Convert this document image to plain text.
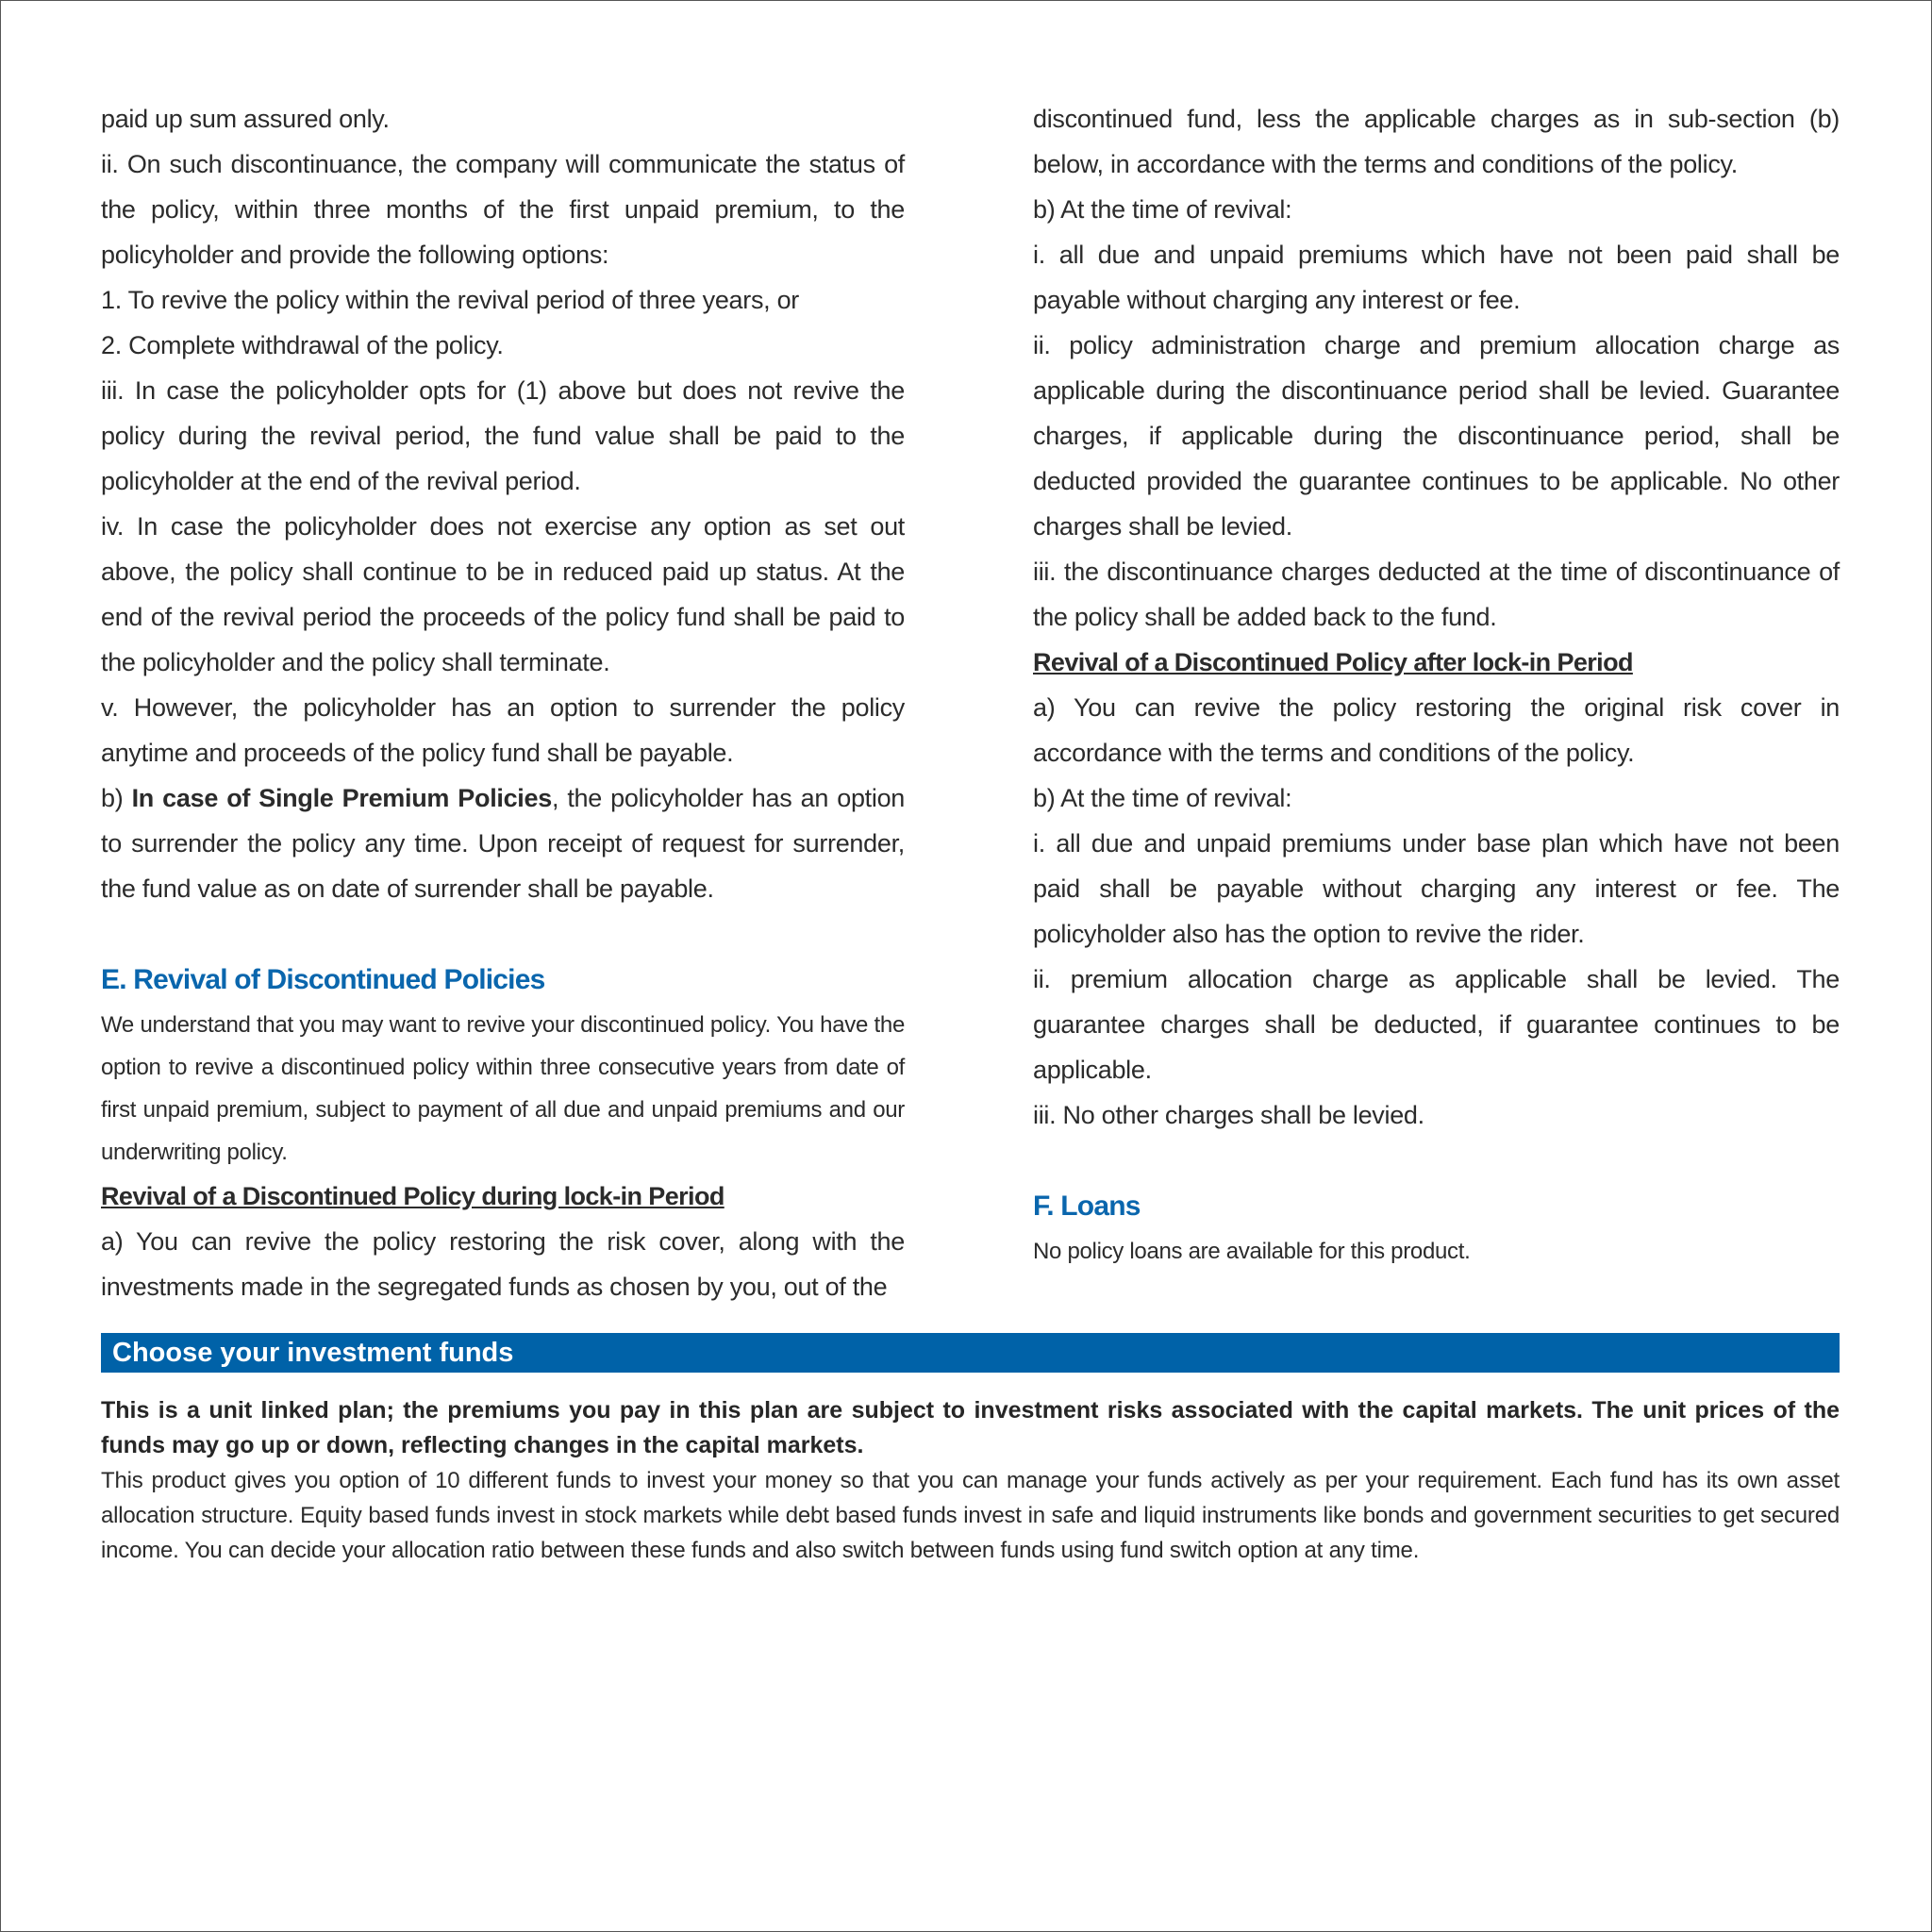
paid up sum assured only.

ii. On such discontinuance, the company will communicate the status of the policy, within three months of the first unpaid premium, to the policyholder and provide the following options:

1. To revive the policy within the revival period of three years, or

2. Complete withdrawal of the policy.

iii. In case the policyholder opts for (1) above but does not revive the policy during the revival period, the fund value shall be paid to the policyholder at the end of the revival period.

iv. In case the policyholder does not exercise any option as set out above, the policy shall continue to be in reduced paid up status. At the end of the revival period the proceeds of the policy fund shall be paid to the policyholder and the policy shall terminate.

v. However, the policyholder has an option to surrender the policy anytime and proceeds of the policy fund shall be payable.

b) In case of Single Premium Policies, the policyholder has an option to surrender the policy any time. Upon receipt of request for surrender, the fund value as on date of surrender shall be payable.

E. Revival of Discontinued Policies

We understand that you may want to revive your discontinued policy. You have the option to revive a discontinued policy within three consecutive years from date of first unpaid premium, subject to payment of all due and unpaid premiums and our underwriting policy.

Revival of a Discontinued Policy during lock-in Period

a) You can revive the policy restoring the risk cover, along with the investments made in the segregated funds as chosen by you, out of the

discontinued fund, less the applicable charges as in sub-section (b) below, in accordance with the terms and conditions of the policy.

b) At the time of revival:

i. all due and unpaid premiums which have not been paid shall be payable without charging any interest or fee.

ii. policy administration charge and premium allocation charge as applicable during the discontinuance period shall be levied. Guarantee charges, if applicable during the discontinuance period, shall be deducted provided the guarantee continues to be applicable. No other charges shall be levied.

iii. the discontinuance charges deducted at the time of discontinuance of the policy shall be added back to the fund.

Revival of a Discontinued Policy after lock-in Period

a) You can revive the policy restoring the original risk cover in accordance with the terms and conditions of the policy.

b) At the time of revival:

i. all due and unpaid premiums under base plan which have not been paid shall be payable without charging any interest or fee. The policyholder also has the option to revive the rider.

ii. premium allocation charge as applicable shall be levied. The guarantee charges shall be deducted, if guarantee continues to be applicable.

iii. No other charges shall be levied.

F. Loans

No policy loans are available for this product.

Choose your investment funds

This is a unit linked plan; the premiums you pay in this plan are subject to investment risks associated with the capital markets. The unit prices of the funds may go up or down, reflecting changes in the capital markets.

This product gives you option of 10 different funds to invest your money so that you can manage your funds actively as per your requirement. Each fund has its own asset allocation structure. Equity based funds invest in stock markets while debt based funds invest in safe and liquid instruments like bonds and government securities to get secured income. You can decide your allocation ratio between these funds and also switch between funds using fund switch option at any time.
